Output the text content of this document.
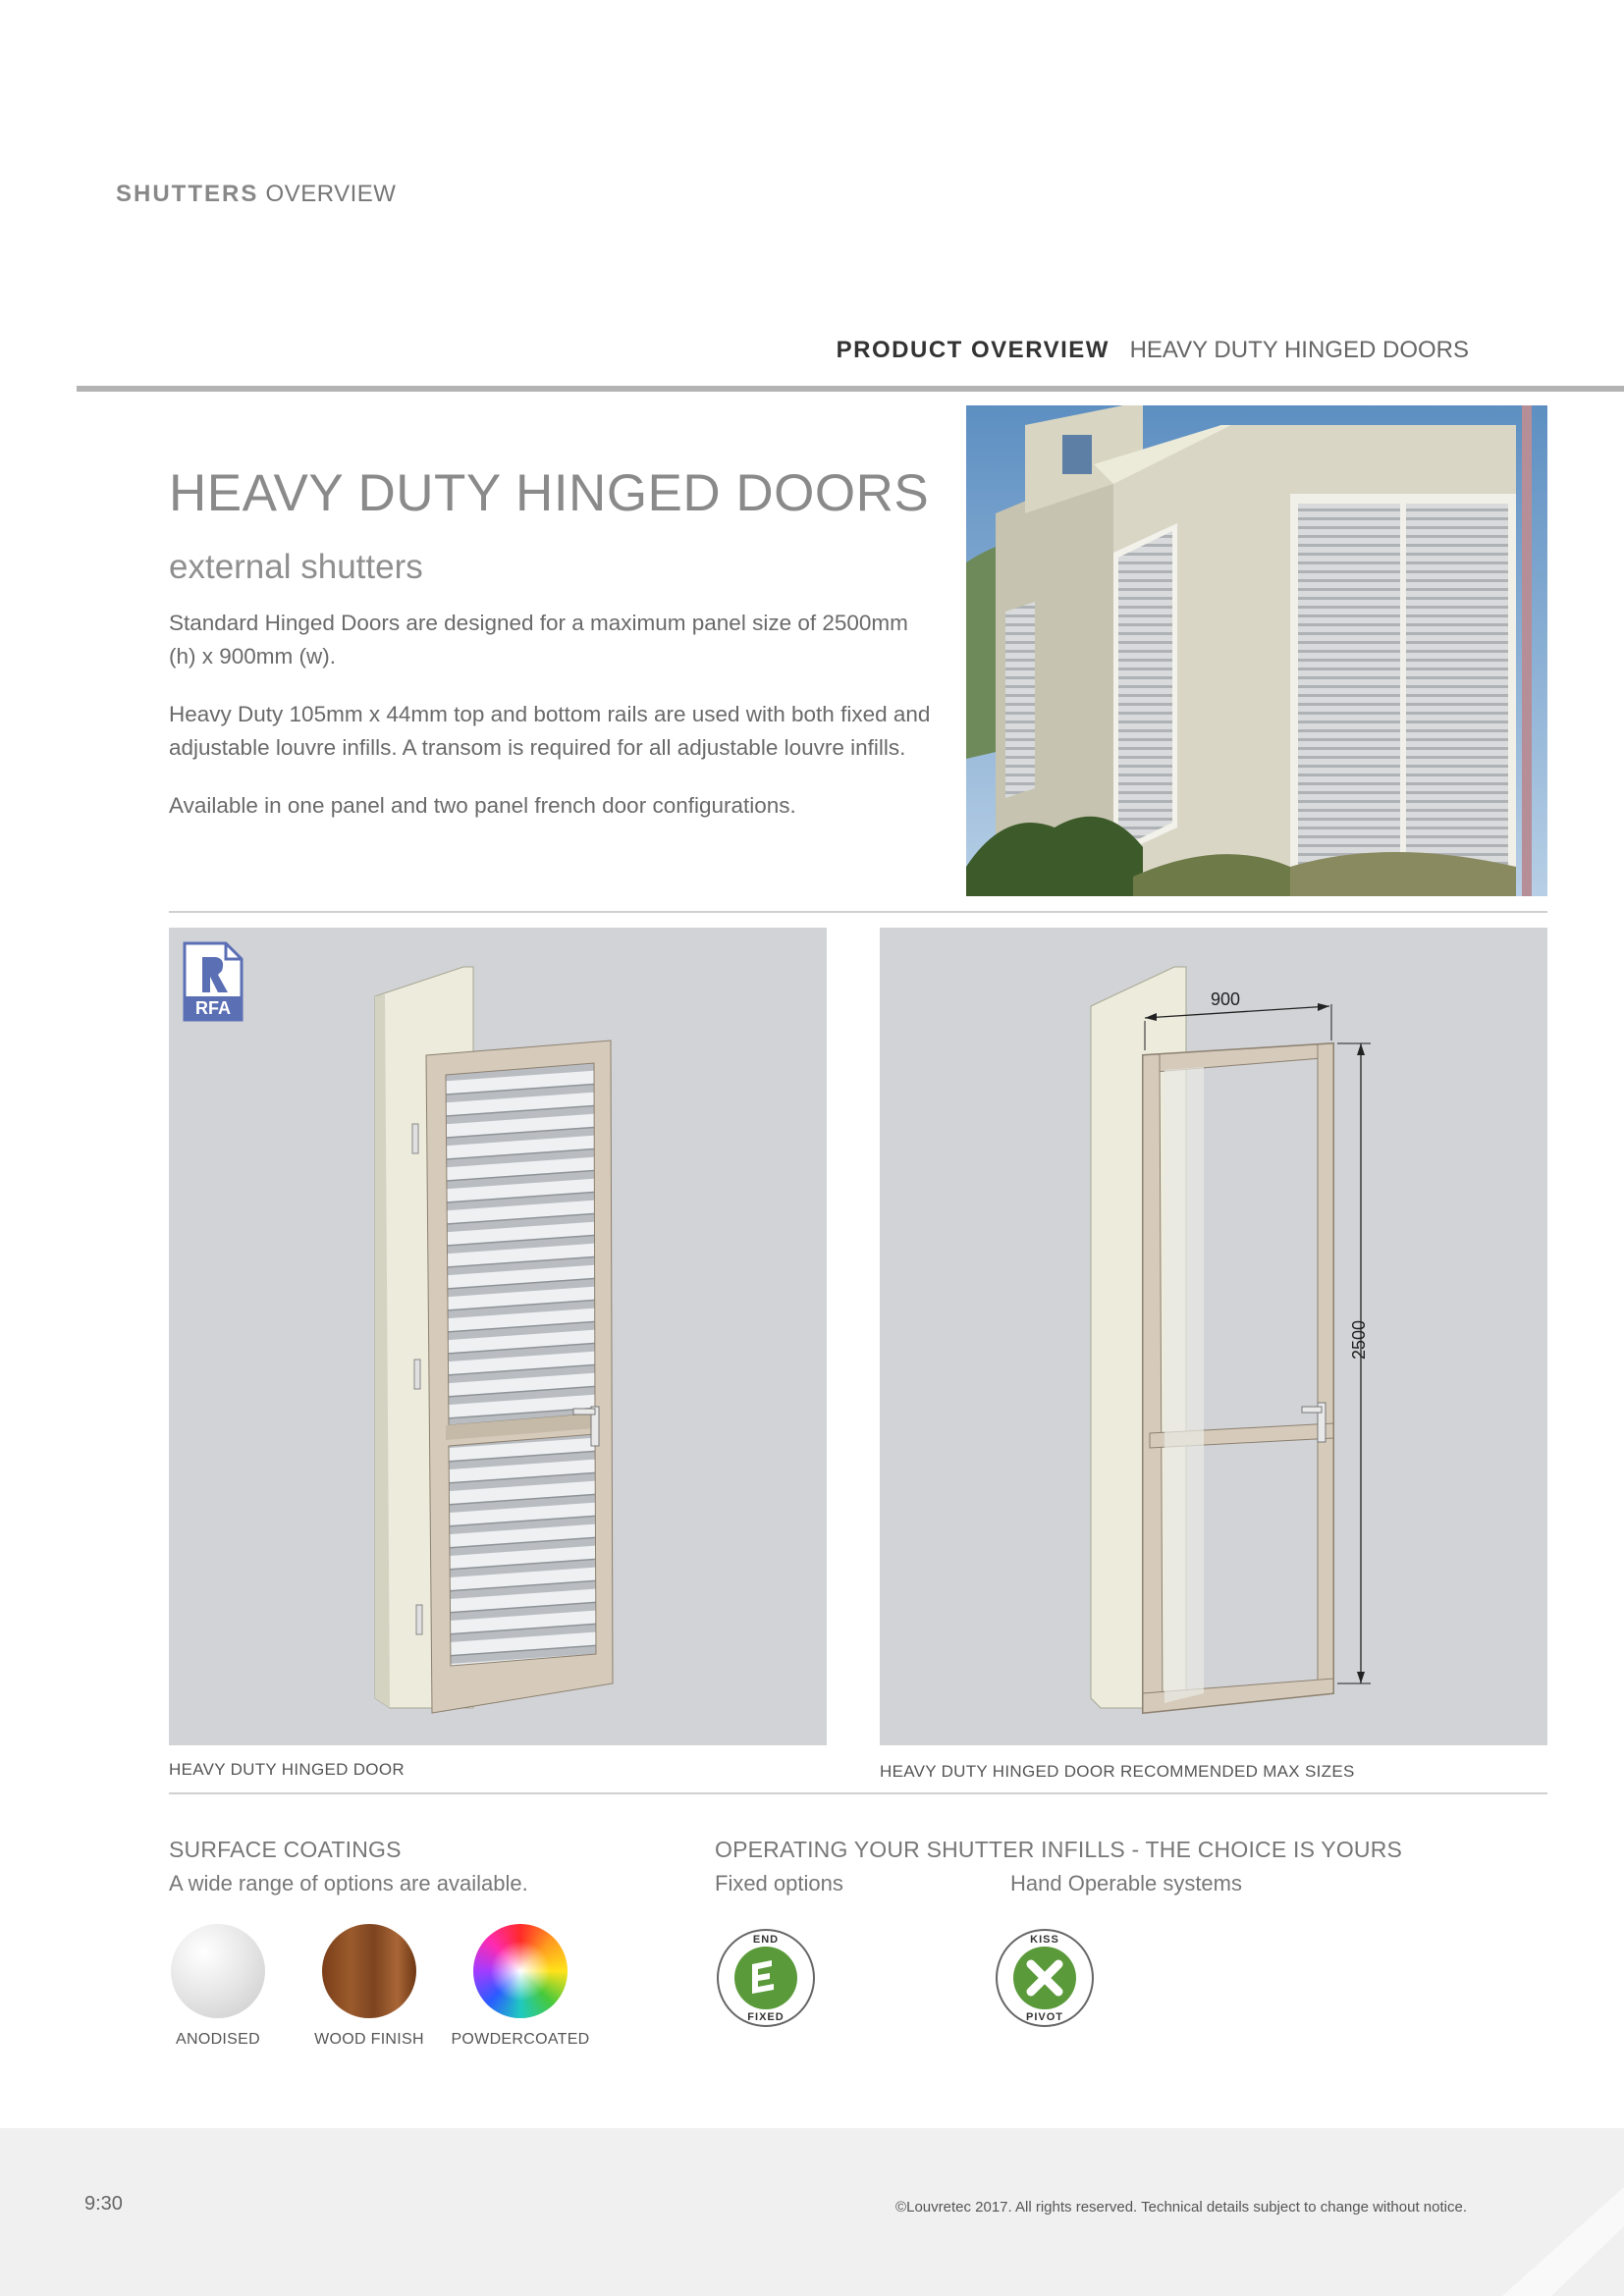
SHUTTERS OVERVIEW
PRODUCT OVERVIEW HEAVY DUTY HINGED DOORS
HEAVY DUTY HINGED DOORS
external shutters

Standard Hinged Doors are designed for a maximum panel size of 2500mm (h) x 900mm (w).

Heavy Duty 105mm x 44mm top and bottom rails are used with both fixed and adjustable louvre infills. A transom is required for all adjustable louvre infills.

Available in one panel and two panel french door configurations.

RFA
HEAVY DUTY HINGED DOOR
900
2500
HEAVY DUTY HINGED DOOR RECOMMENDED MAX SIZES
SURFACE COATINGS
A wide range of options are available.
ANODISED	WOOD FINISH	POWDERCOATED
OPERATING YOUR SHUTTER INFILLS - THE CHOICE IS YOURS
Fixed options	Hand Operable systems
END
FIXED
KISS
PIVOT
9:30	©Louvretec 2017. All rights reserved. Technical details subject to change without notice.
